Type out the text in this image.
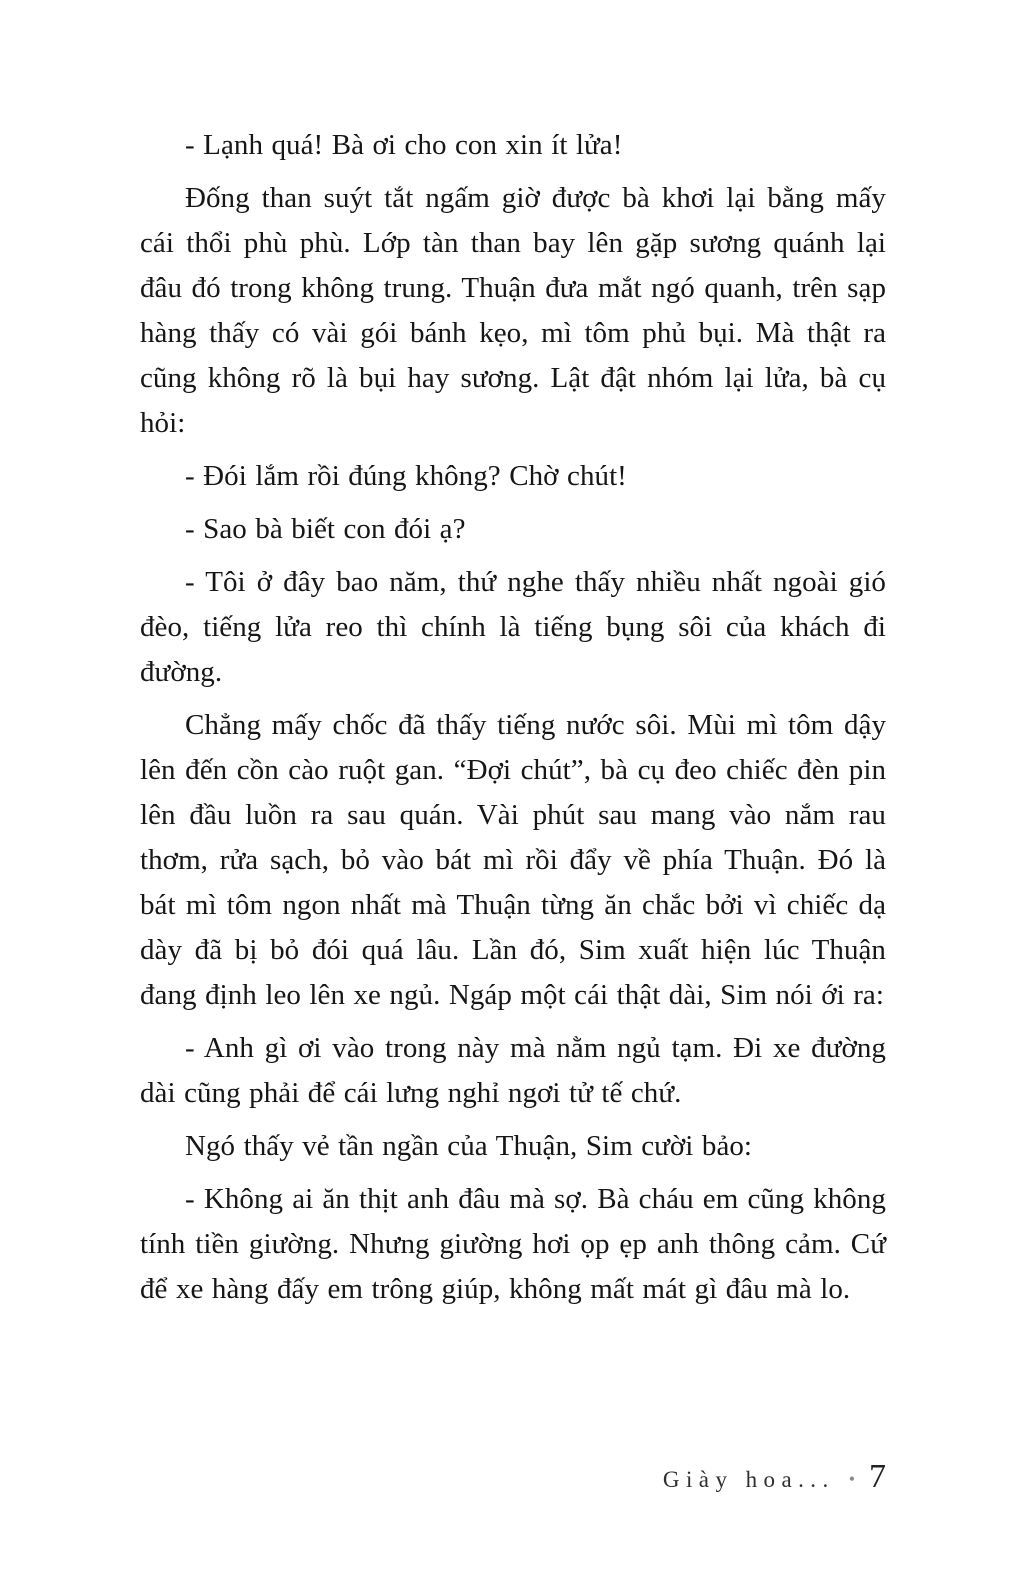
- Lạnh quá! Bà ơi cho con xin ít lửa!

Đống than suýt tắt ngấm giờ được bà khơi lại bằng mấy cái thổi phù phù. Lớp tàn than bay lên gặp sương quánh lại đâu đó trong không trung. Thuận đưa mắt ngó quanh, trên sạp hàng thấy có vài gói bánh kẹo, mì tôm phủ bụi. Mà thật ra cũng không rõ là bụi hay sương. Lật đật nhóm lại lửa, bà cụ hỏi:

- Đói lắm rồi đúng không? Chờ chút!

- Sao bà biết con đói ạ?

- Tôi ở đây bao năm, thứ nghe thấy nhiều nhất ngoài gió đèo, tiếng lửa reo thì chính là tiếng bụng sôi của khách đi đường.

Chẳng mấy chốc đã thấy tiếng nước sôi. Mùi mì tôm dậy lên đến cồn cào ruột gan. “Đợi chút”, bà cụ đeo chiếc đèn pin lên đầu luồn ra sau quán. Vài phút sau mang vào nắm rau thơm, rửa sạch, bỏ vào bát mì rồi đẩy về phía Thuận. Đó là bát mì tôm ngon nhất mà Thuận từng ăn chắc bởi vì chiếc dạ dày đã bị bỏ đói quá lâu. Lần đó, Sim xuất hiện lúc Thuận đang định leo lên xe ngủ. Ngáp một cái thật dài, Sim nói ới ra:

- Anh gì ơi vào trong này mà nằm ngủ tạm. Đi xe đường dài cũng phải để cái lưng nghỉ ngơi tử tế chứ.

Ngó thấy vẻ tần ngần của Thuận, Sim cười bảo:

- Không ai ăn thịt anh đâu mà sợ. Bà cháu em cũng không tính tiền giường. Nhưng giường hơi ọp ẹp anh thông cảm. Cứ để xe hàng đấy em trông giúp, không mất mát gì đâu mà lo.

Giày hoa... • 7
